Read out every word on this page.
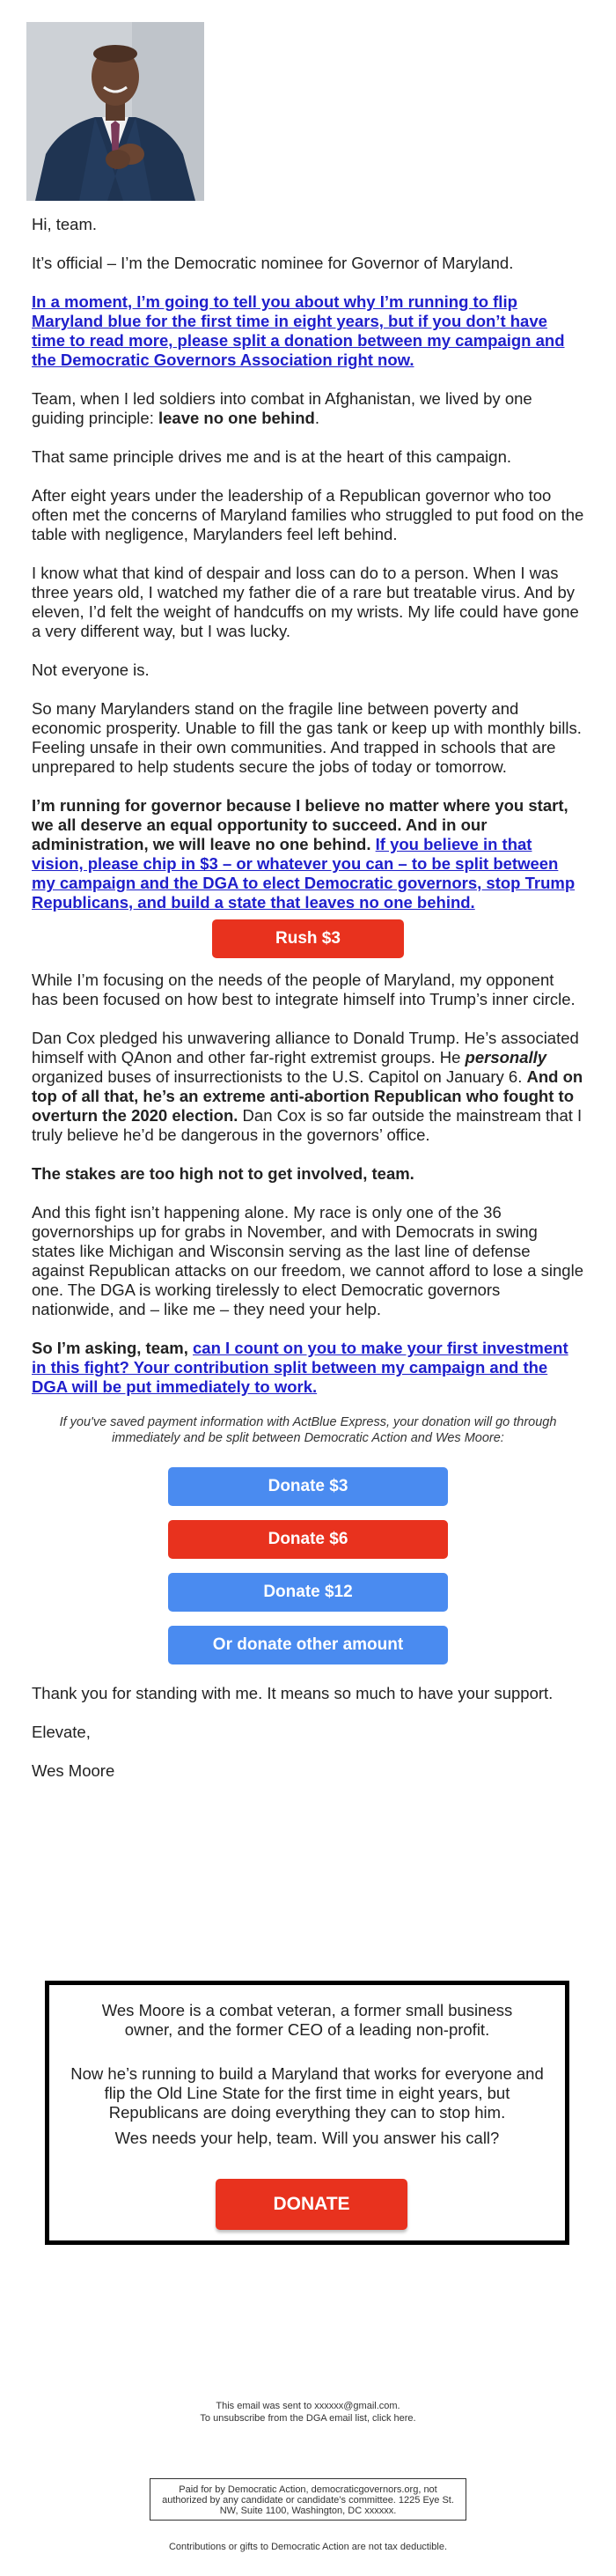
Hi, team.

It’s official – I’m the Democratic nominee for Governor of Maryland.

In a moment, I’m going to tell you about why I’m running to flip Maryland blue for the first time in eight years, but if you don’t have time to read more, please split a donation between my campaign and the Democratic Governors Association right now.

Team, when I led soldiers into combat in Afghanistan, we lived by one guiding principle: leave no one behind.

That same principle drives me and is at the heart of this campaign.

After eight years under the leadership of a Republican governor who too often met the concerns of Maryland families who struggled to put food on the table with negligence, Marylanders feel left behind.

I know what that kind of despair and loss can do to a person. When I was three years old, I watched my father die of a rare but treatable virus. And by eleven, I’d felt the weight of handcuffs on my wrists. My life could have gone a very different way, but I was lucky.

Not everyone is.

So many Marylanders stand on the fragile line between poverty and economic prosperity. Unable to fill the gas tank or keep up with monthly bills. Feeling unsafe in their own communities. And trapped in schools that are unprepared to help students secure the jobs of today or tomorrow.

I’m running for governor because I believe no matter where you start, we all deserve an equal opportunity to succeed. And in our administration, we will leave no one behind. If you believe in that vision, please chip in $3 – or whatever you can – to be split between my campaign and the DGA to elect Democratic governors, stop Trump Republicans, and build a state that leaves no one behind.

Rush $3

While I’m focusing on the needs of the people of Maryland, my opponent has been focused on how best to integrate himself into Trump’s inner circle.

Dan Cox pledged his unwavering alliance to Donald Trump. He’s associated himself with QAnon and other far-right extremist groups. He personally organized buses of insurrectionists to the U.S. Capitol on January 6. And on top of all that, he’s an extreme anti-abortion Republican who fought to overturn the 2020 election. Dan Cox is so far outside the mainstream that I truly believe he’d be dangerous in the governors’ office.

The stakes are too high not to get involved, team.

And this fight isn’t happening alone. My race is only one of the 36 governorships up for grabs in November, and with Democrats in swing states like Michigan and Wisconsin serving as the last line of defense against Republican attacks on our freedom, we cannot afford to lose a single one. The DGA is working tirelessly to elect Democratic governors nationwide, and – like me – they need your help.

So I’m asking, team, can I count on you to make your first investment in this fight? Your contribution split between my campaign and the DGA will be put immediately to work.

If you've saved payment information with ActBlue Express, your donation will go through immediately and be split between Democratic Action and Wes Moore:
Donate $3
Donate $6
Donate $12
Or donate other amount

Thank you for standing with me. It means so much to have your support.

Elevate,

Wes Moore

Wes Moore is a combat veteran, a former small business owner, and the former CEO of a leading non-profit.

Now he’s running to build a Maryland that works for everyone and flip the Old Line State for the first time in eight years, but Republicans are doing everything they can to stop him.

Wes needs your help, team. Will you answer his call?

DONATE
This email was sent to xxxxxx@gmail.com.
To unsubscribe from the DGA email list, click here.
Paid for by Democratic Action, democraticgovernors.org, not authorized by any candidate or candidate’s committee. 1225 Eye St. NW, Suite 1100, Washington, DC xxxxxx.
Contributions or gifts to Democratic Action are not tax deductible.
